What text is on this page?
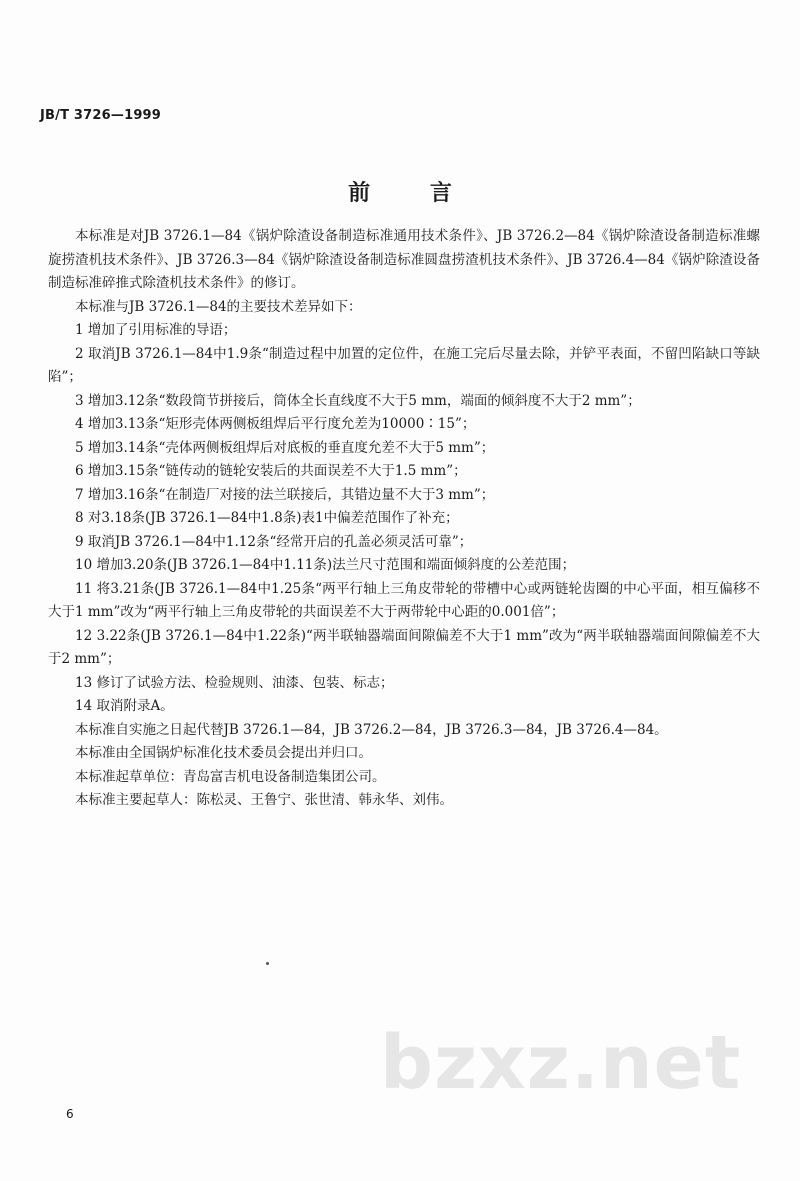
JB/T 3726—1999
前 言

本标准是对JB 3726.1—84《锅炉除渣设备制造标准通用技术条件》、JB 3726.2—84《锅炉除渣设备制造标准螺旋捞渣机技术条件》、JB 3726.3—84《锅炉除渣设备制造标准圆盘捞渣机技术条件》、JB 3726.4—84《锅炉除渣设备制造标准碎推式除渣机技术条件》的修订。

本标准与JB 3726.1—84的主要技术差异如下：

1 增加了引用标准的导语；

2 取消JB 3726.1—84中1.9条“制造过程中加置的定位件，在施工完后尽量去除，并铲平表面，不留凹陷缺口等缺陷”；

3 增加3.12条“数段筒节拼接后，筒体全长直线度不大于5 mm，端面的倾斜度不大于2 mm”；

4 增加3.13条“矩形壳体两侧板组焊后平行度允差为10000∶15”；

5 增加3.14条“壳体两侧板组焊后对底板的垂直度允差不大于5 mm”；

6 增加3.15条“链传动的链轮安装后的共面误差不大于1.5 mm”；

7 增加3.16条“在制造厂对接的法兰联接后，其错边量不大于3 mm”；

8 对3.18条(JB 3726.1—84中1.8条)表1中偏差范围作了补充；

9 取消JB 3726.1—84中1.12条“经常开启的孔盖必须灵活可靠”；

10 增加3.20条(JB 3726.1—84中1.11条)法兰尺寸范围和端面倾斜度的公差范围；

11 将3.21条(JB 3726.1—84中1.25条“两平行轴上三角皮带轮的带槽中心或两链轮齿圈的中心平面，相互偏移不大于1 mm”改为“两平行轴上三角皮带轮的共面误差不大于两带轮中心距的0.001倍”；

12 3.22条(JB 3726.1—84中1.22条)“两半联轴器端面间隙偏差不大于1 mm”改为“两半联轴器端面间隙偏差不大于2 mm”；

13 修订了试验方法、检验规则、油漆、包装、标志；

14 取消附录A。

本标准自实施之日起代替JB 3726.1—84，JB 3726.2—84，JB 3726.3—84，JB 3726.4—84。

本标准由全国锅炉标准化技术委员会提出并归口。

本标准起草单位：青岛富吉机电设备制造集团公司。

本标准主要起草人：陈松灵、王鲁宁、张世清、韩永华、刘伟。

bzxz.net
6
